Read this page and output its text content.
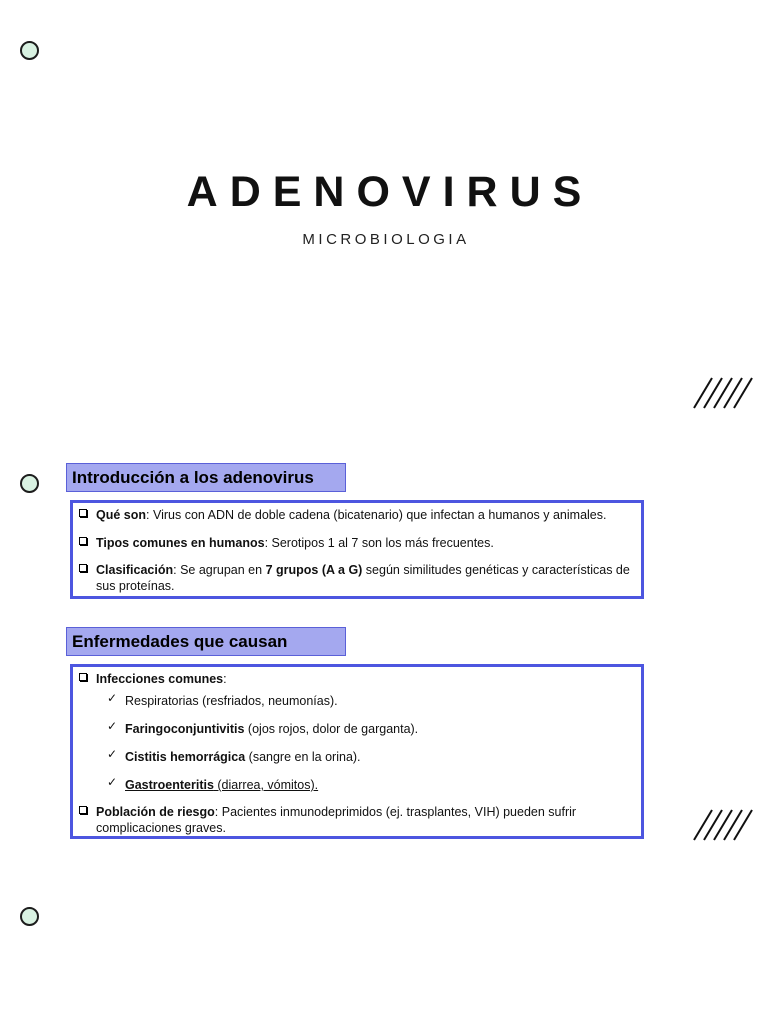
ADENOVIRUS
MICROBIOLOGIA
Introducción a los adenovirus
Qué son: Virus con ADN de doble cadena (bicatenario) que infectan a humanos y animales.
Tipos comunes en humanos: Serotipos 1 al 7 son los más frecuentes.
Clasificación: Se agrupan en 7 grupos (A a G) según similitudes genéticas y características de sus proteínas.
Enfermedades que causan
Infecciones comunes:
✓ Respiratorias (resfriados, neumonías).
✓ Faringoconjuntivitis (ojos rojos, dolor de garganta).
✓ Cistitis hemorrágica (sangre en la orina).
✓ Gastroenteritis (diarrea, vómitos).
Población de riesgo: Pacientes inmunodeprimidos (ej. trasplantes, VIH) pueden sufrir complicaciones graves.
